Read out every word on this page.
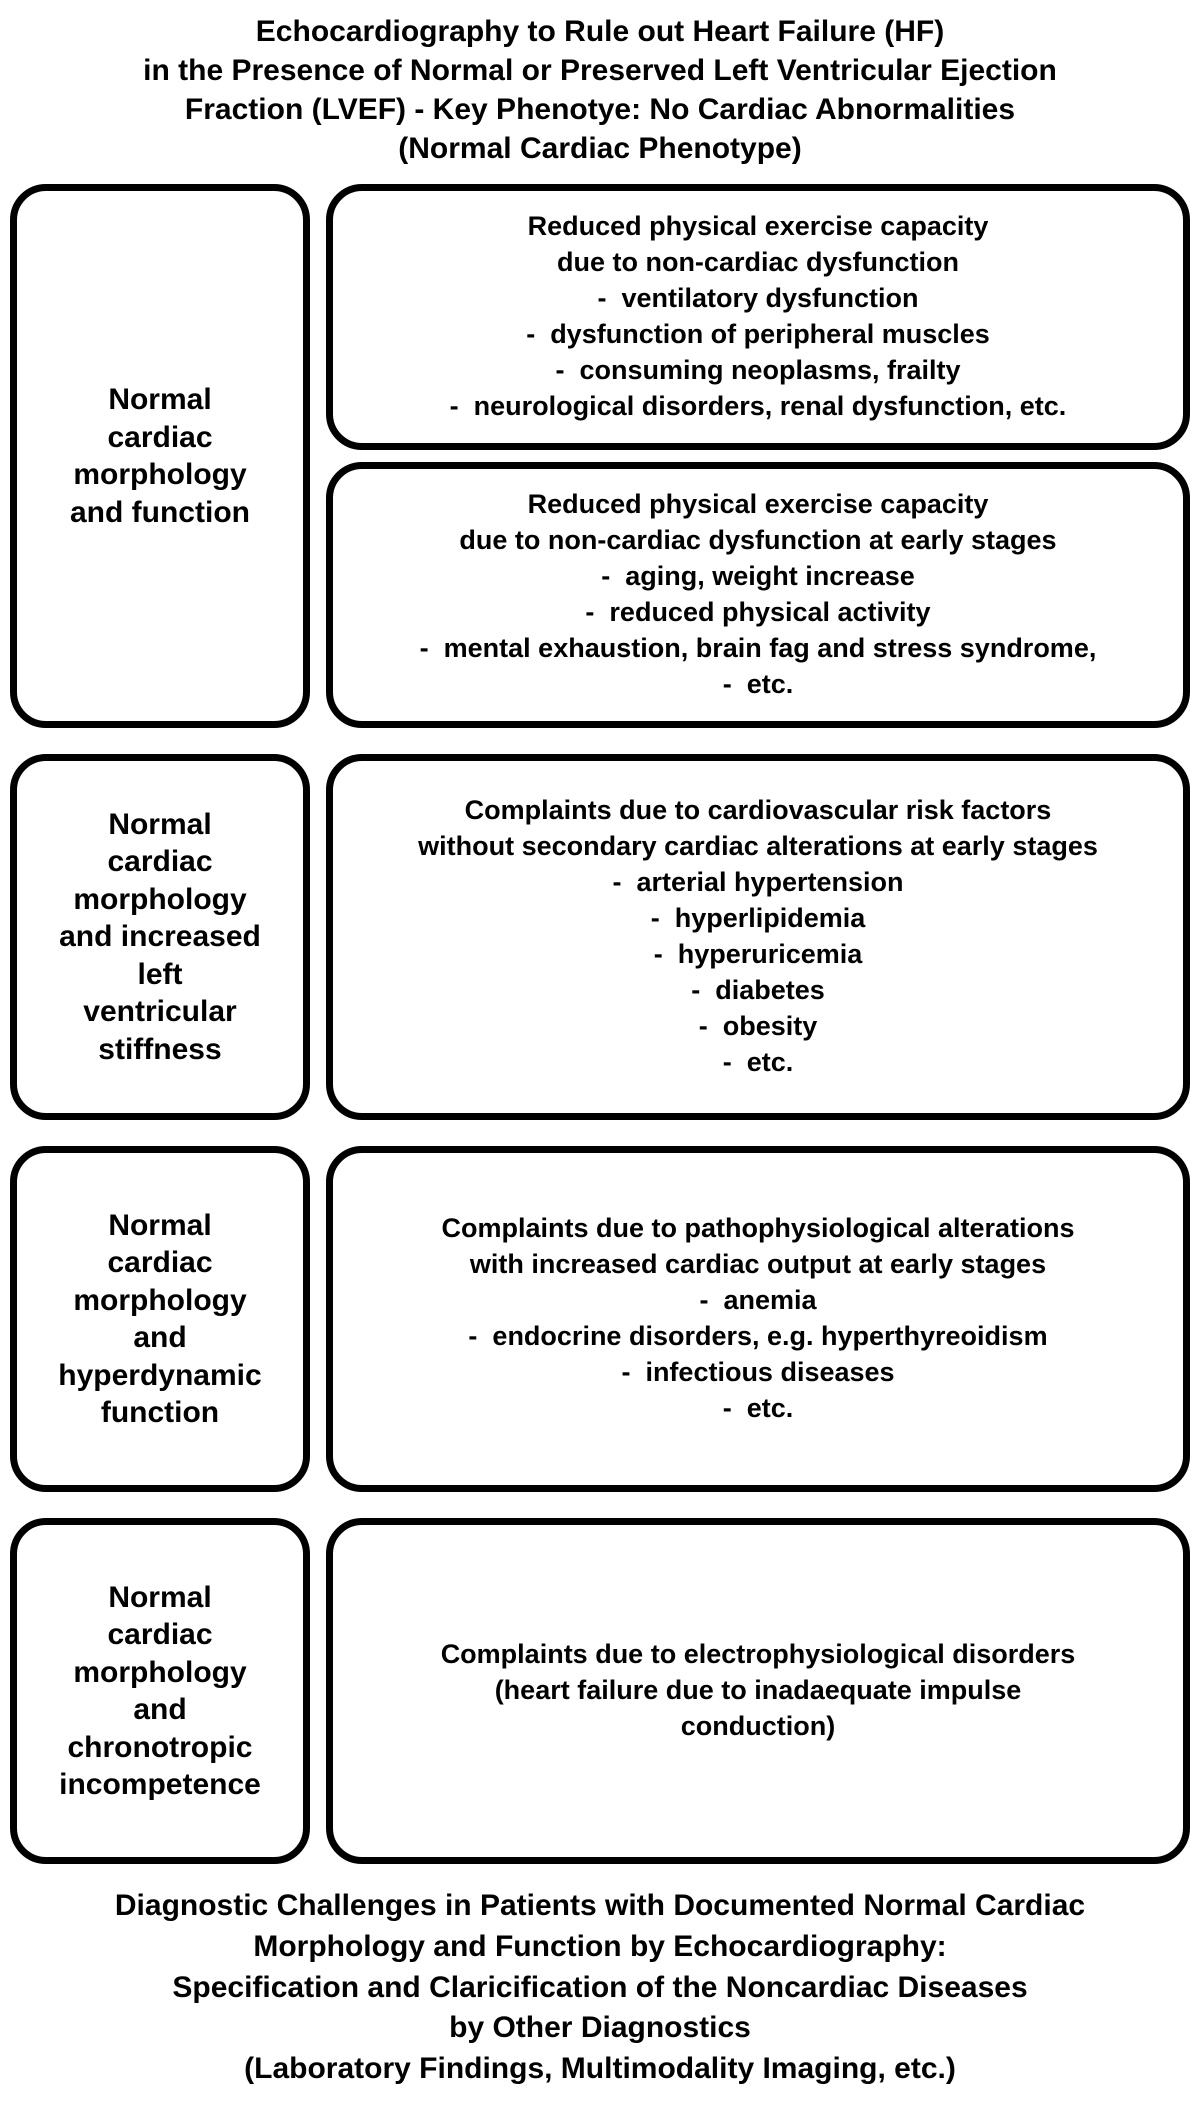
Echocardiography to Rule out Heart Failure (HF)
in the Presence of Normal or Preserved Left Ventricular Ejection
Fraction (LVEF) - Key Phenotye: No Cardiac Abnormalities
(Normal Cardiac Phenotype)
Normal
cardiac
morphology
and function
Reduced physical exercise capacity
due to non-cardiac dysfunction
-  ventilatory dysfunction
-  dysfunction of peripheral muscles
-  consuming neoplasms, frailty
-  neurological disorders, renal dysfunction, etc.
Reduced physical exercise capacity
due to non-cardiac dysfunction at early stages
-  aging, weight increase
-  reduced physical activity
-  mental exhaustion, brain fag and stress syndrome,
-  etc.
Normal
cardiac
morphology
and increased
left
ventricular
stiffness
Complaints due to cardiovascular risk factors
without secondary cardiac alterations at early stages
-  arterial hypertension
-  hyperlipidemia
-  hyperuricemia
-  diabetes
-  obesity
-  etc.
Normal
cardiac
morphology
and
hyperdynamic
function
Complaints due to pathophysiological alterations
with increased cardiac output at early stages
-  anemia
-  endocrine disorders, e.g. hyperthyreoidism
-  infectious diseases
-  etc.
Normal
cardiac
morphology
and
chronotropic
incompetence
Complaints due to electrophysiological disorders
(heart failure due to inadaequate impulse
conduction)
Diagnostic Challenges in Patients with Documented Normal Cardiac
Morphology and Function by Echocardiography:
Specification and Claricification of the Noncardiac Diseases
by Other Diagnostics
(Laboratory Findings, Multimodality Imaging, etc.)
